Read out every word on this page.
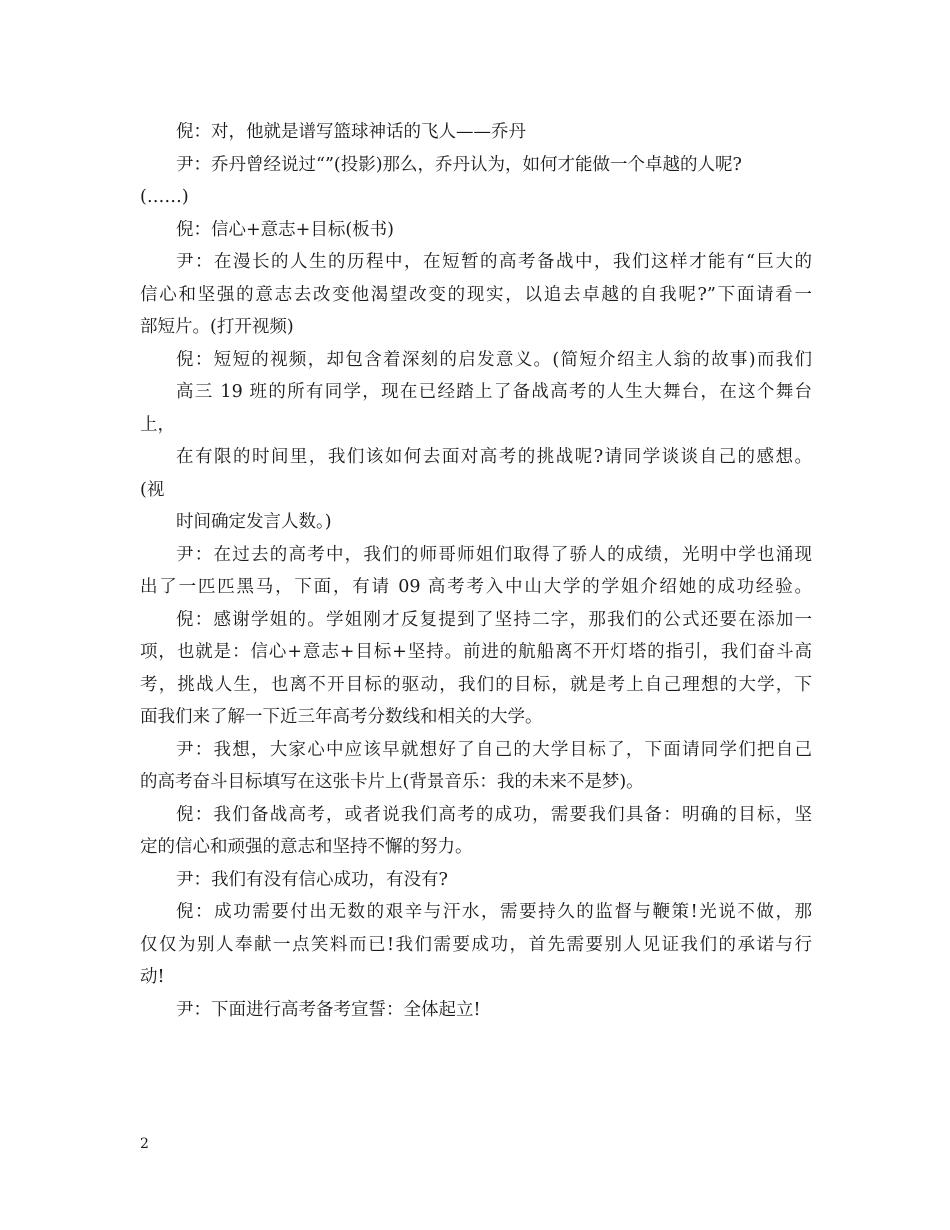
倪：对，他就是谱写篮球神话的飞人——乔丹
尹：乔丹曾经说过“”(投影)那么，乔丹认为，如何才能做一个卓越的人呢?
(……)
倪：信心+意志+目标(板书)
尹：在漫长的人生的历程中，在短暂的高考备战中，我们这样才能有“巨大的
信心和坚强的意志去改变他渴望改变的现实，以追去卓越的自我呢?”下面请看一
部短片。(打开视频)
倪：短短的视频，却包含着深刻的启发意义。(简短介绍主人翁的故事)而我们
高三 19 班的所有同学，现在已经踏上了备战高考的人生大舞台，在这个舞台
上，
在有限的时间里，我们该如何去面对高考的挑战呢?请同学谈谈自己的感想。
(视
时间确定发言人数。)
尹：在过去的高考中，我们的师哥师姐们取得了骄人的成绩，光明中学也涌现
出了一匹匹黑马，下面，有请 09 高考考入中山大学的学姐介绍她的成功经验。
倪：感谢学姐的。学姐刚才反复提到了坚持二字，那我们的公式还要在添加一
项，也就是：信心+意志+目标+坚持。前进的航船离不开灯塔的指引，我们奋斗高
考，挑战人生，也离不开目标的驱动，我们的目标，就是考上自己理想的大学，下
面我们来了解一下近三年高考分数线和相关的大学。
尹：我想，大家心中应该早就想好了自己的大学目标了，下面请同学们把自己
的高考奋斗目标填写在这张卡片上(背景音乐：我的未来不是梦)。
倪：我们备战高考，或者说我们高考的成功，需要我们具备：明确的目标，坚
定的信心和顽强的意志和坚持不懈的努力。
尹：我们有没有信心成功，有没有?
倪：成功需要付出无数的艰辛与汗水，需要持久的监督与鞭策!光说不做，那
仅仅为别人奉献一点笑料而已!我们需要成功，首先需要别人见证我们的承诺与行
动!
尹：下面进行高考备考宣誓：全体起立!
2
